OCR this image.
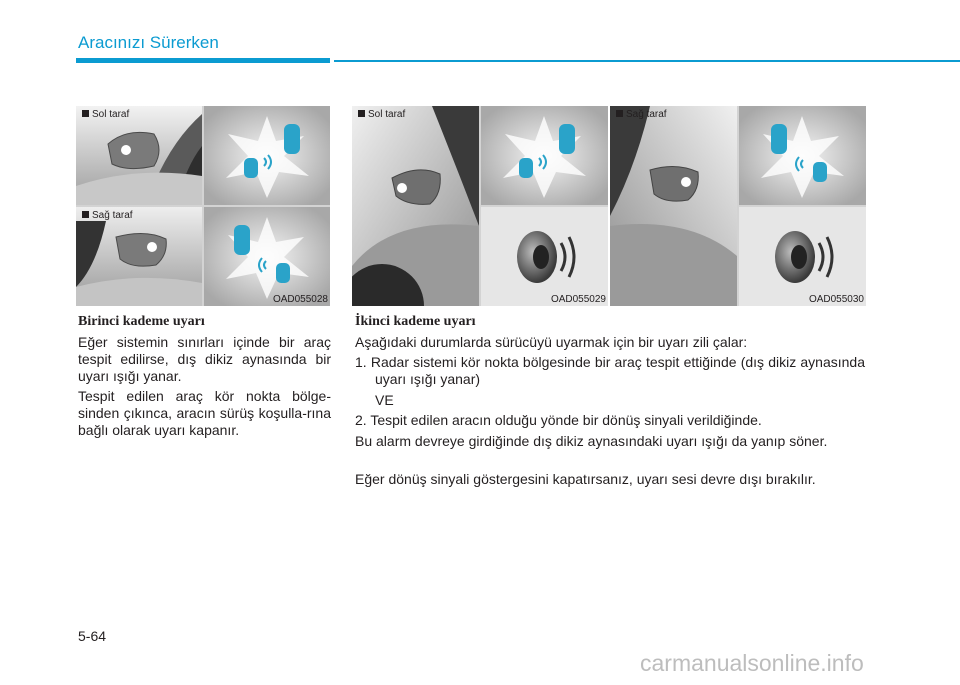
Aracınızı Sürerken
Sol taraf
Sağ taraf
OAD055028
Sol taraf
OAD055029
Sağ taraf
OAD055030
Birinci kademe uyarı

Eğer sistemin sınırları içinde bir araç tespit edilirse, dış dikiz aynasında bir uyarı ışığı yanar.

Tespit edilen araç kör nokta bölge-sinden çıkınca, aracın sürüş koşulla-rına bağlı olarak uyarı kapanır.

İkinci kademe uyarı

Aşağıdaki durumlarda sürücüyü uyarmak için bir uyarı zili çalar:

1. Radar sistemi kör nokta bölgesinde bir araç tespit ettiğinde (dış dikiz aynasında uyarı ışığı yanar)

VE

2. Tespit edilen aracın olduğu yönde bir dönüş sinyali verildiğinde.

Bu alarm devreye girdiğinde dış dikiz aynasındaki uyarı ışığı da yanıp söner.

Eğer dönüş sinyali göstergesini kapatırsanız, uyarı sesi devre dışı bırakılır.

5-64
carmanualsonline.info
